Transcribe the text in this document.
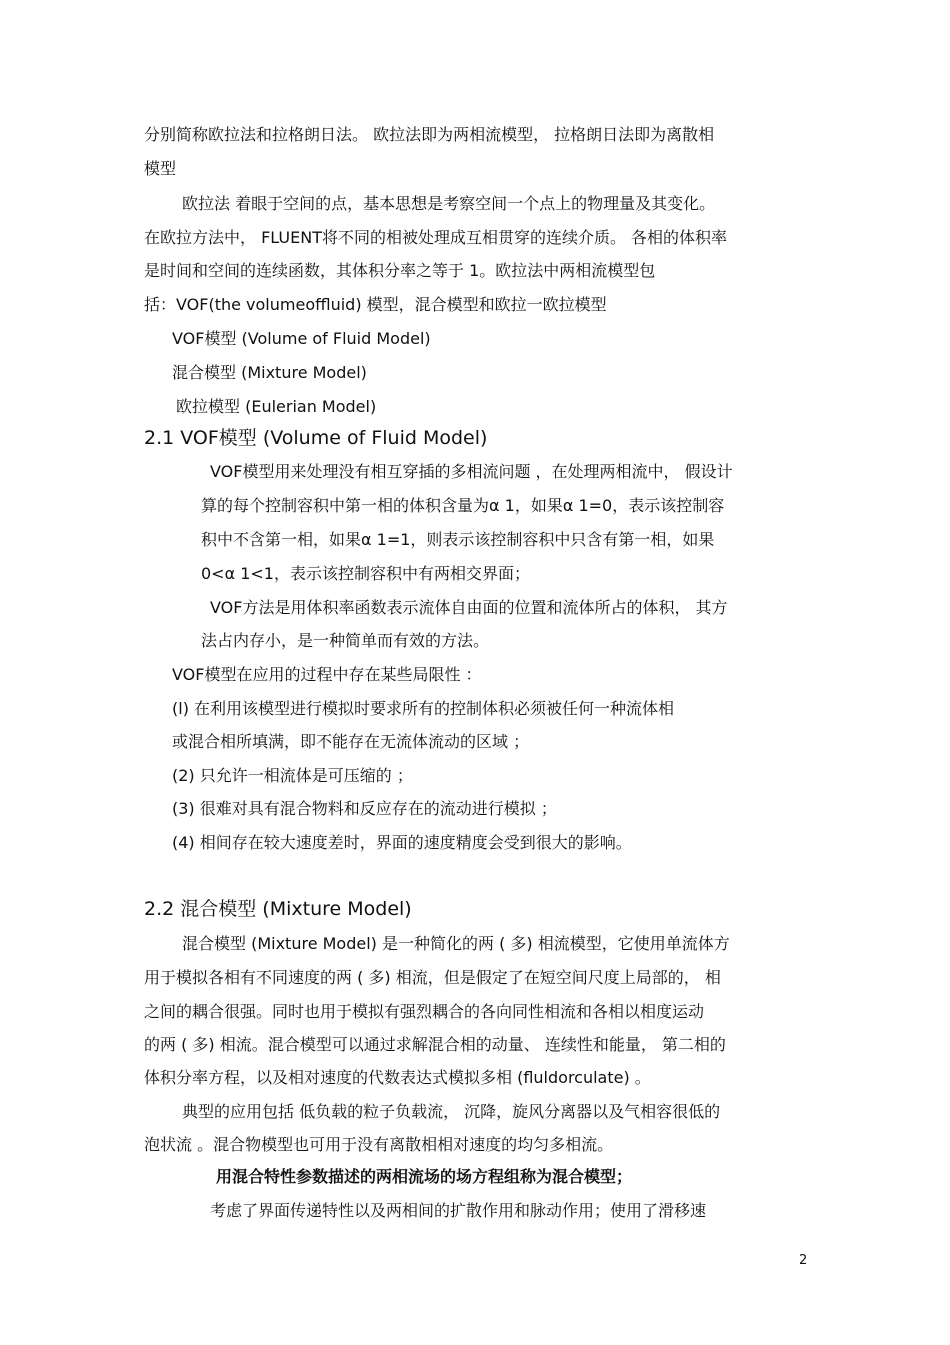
分别简称欧拉法和拉格朗日法。 欧拉法即为两相流模型， 拉格朗日法即为离散相
模型
欧拉法 着眼于空间的点，基本思想是考察空间一个点上的物理量及其变化。
在欧拉方法中， FLUENT将不同的相被处理成互相贯穿的连续介质。 各相的体积率
是时间和空间的连续函数，其体积分率之等于 1。欧拉法中两相流模型包
括：VOF(the volumeoffluid) 模型，混合模型和欧拉一欧拉模型
VOF模型 (Volume of Fluid Model)
混合模型 (Mixture Model)
欧拉模型 (Eulerian Model)
2.1 VOF模型 (Volume of Fluid Model)
VOF模型用来处理没有相互穿插的多相流问题 ，在处理两相流中， 假设计
算的每个控制容积中第一相的体积含量为α 1，如果α 1=0，表示该控制容
积中不含第一相，如果α 1=1，则表示该控制容积中只含有第一相，如果
0<α 1<1，表示该控制容积中有两相交界面；
VOF方法是用体积率函数表示流体自由面的位置和流体所占的体积， 其方
法占内存小，是一种简单而有效的方法。
VOF模型在应用的过程中存在某些局限性 ：
(l) 在利用该模型进行模拟时要求所有的控制体积必须被任何一种流体相
或混合相所填满，即不能存在无流体流动的区域 ；
(2) 只允许一相流体是可压缩的 ；
(3) 很难对具有混合物料和反应存在的流动进行模拟 ；
(4) 相间存在较大速度差时，界面的速度精度会受到很大的影响。
2.2 混合模型 (Mixture Model)
混合模型 (Mixture Model) 是一种简化的两 ( 多) 相流模型，它使用单流体方
用于模拟各相有不同速度的两 ( 多) 相流，但是假定了在短空间尺度上局部的， 相
之间的耦合很强。同时也用于模拟有强烈耦合的各向同性相流和各相以相度运动
的两 ( 多) 相流。混合模型可以通过求解混合相的动量、 连续性和能量， 第二相的
体积分率方程，以及相对速度的代数表达式模拟多相 (fluldorculate) 。
典型的应用包括 低负载的粒子负载流， 沉降，旋风分离器以及气相容很低的
泡状流 。混合物模型也可用于没有离散相相对速度的均匀多相流。
用混合特性参数描述的两相流场的场方程组称为混合模型；
考虑了界面传递特性以及两相间的扩散作用和脉动作用；使用了滑移速
2
